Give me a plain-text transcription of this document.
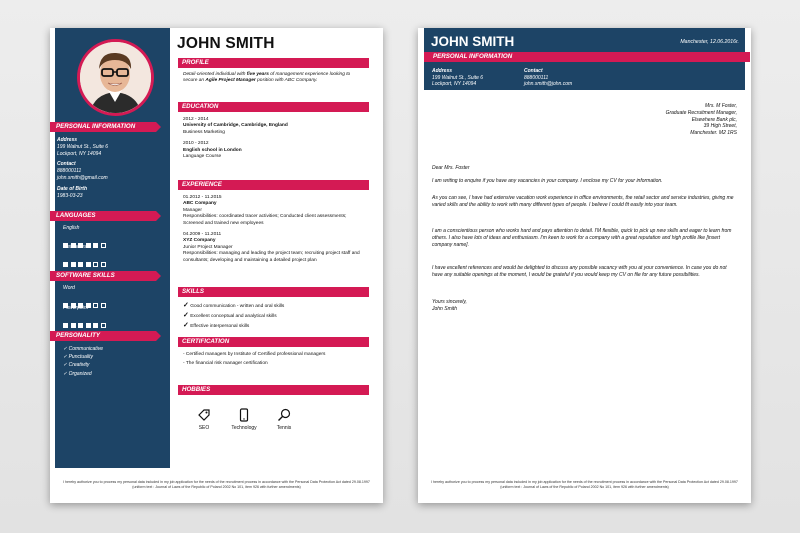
PERSONAL INFORMATION
Address
199 Walnut St., Suite 6
Lockport, NY 14094
Contact
888000111
john.smith@gmail.com
Date of Birth
1983-03-23
LANGUAGES
English
Vietnamese
SOFTWARE SKILLS
Word
Powerpoint
PERSONALITY
✓ Communicative
✓ Punctuality
✓ Creativity
✓ Organized
JOHN SMITH
PROFILE
Detail-oriented individual with five years of management experience looking to secure an Agile Project Manager position with ABC Company.
EDUCATION
2012 - 2014
University of Cambridge, Cambridge, England
Business Marketing
2010 - 2012
English school in London
Language Course
EXPERIENCE
01.2012 - 11.2015
ABC Company
Manager
Responsibilities: coordinated tracer activities; Conducted client assessments; Screened and trained new employees
04.2009 - 11.2011
XYZ Company
Junior Project Manager
Responsibilities: managing and leading the project team; recruiting project staff and consultants; developing and maintaining a detailed project plan
SKILLS
✓ Good communication - written and oral skills
✓ Excellent conceptual and analytical skills
✓ Effective interpersonal skills
CERTIFICATION
- Certified managers by Institute of Certified professional managers
- The financial risk manager certification
HOBBIES
SEO	Technology	Tennis
I hereby authorize you to process my personal data included in my job application for the needs of the recruitment process in accordance with the Personal Data Protection Act dated 29.08.1997 (uniform text : Journal of Laws of the Republic of Poland 2002 No 101, item 926 with further amendments)
JOHN SMITH	Manchester, 12.06.2016r.
PERSONAL INFORMATION
Address
199 Walnut St., Suite 6
Lockport, NY 14094
Contact
888000111
john.smith@john.com
Mrs. M Foster,
Graduate Recruitment Manager,
Elsewhere Bank plc,
39 High Street,
Manchester. M2 1RS
Dear Mrs. Foster
I am writing to enquire if you have any vacancies in your company. I enclose my CV for your information.
As you can see, I have had extensive vacation work experience in office environments, the retail sector and service industries, giving me varied skills and the ability to work with many different types of people. I believe I could fit easily into your team.
I am a conscientious person who works hard and pays attention to detail. I'M flexible, quick to pick up new skills and eager to learn from others. I also have lots of ideas and enthusiasm. I'm keen to work for a company with a great reputation and high profile like [insert company name].
I have excellent references and would be delighted to discuss any possible vacancy with you at your convenience. In case you do not have any suitable openings at the moment, I would be grateful if you would keep my CV on file for any future possibilities.
Yours sincerely,
John Smith
I hereby authorize you to process my personal data included in my job application for the needs of the recruitment process in accordance with the Personal Data Protection Act dated 29.08.1997 (uniform text : Journal of Laws of the Republic of Poland 2002 No 101, item 926 with further amendments)
